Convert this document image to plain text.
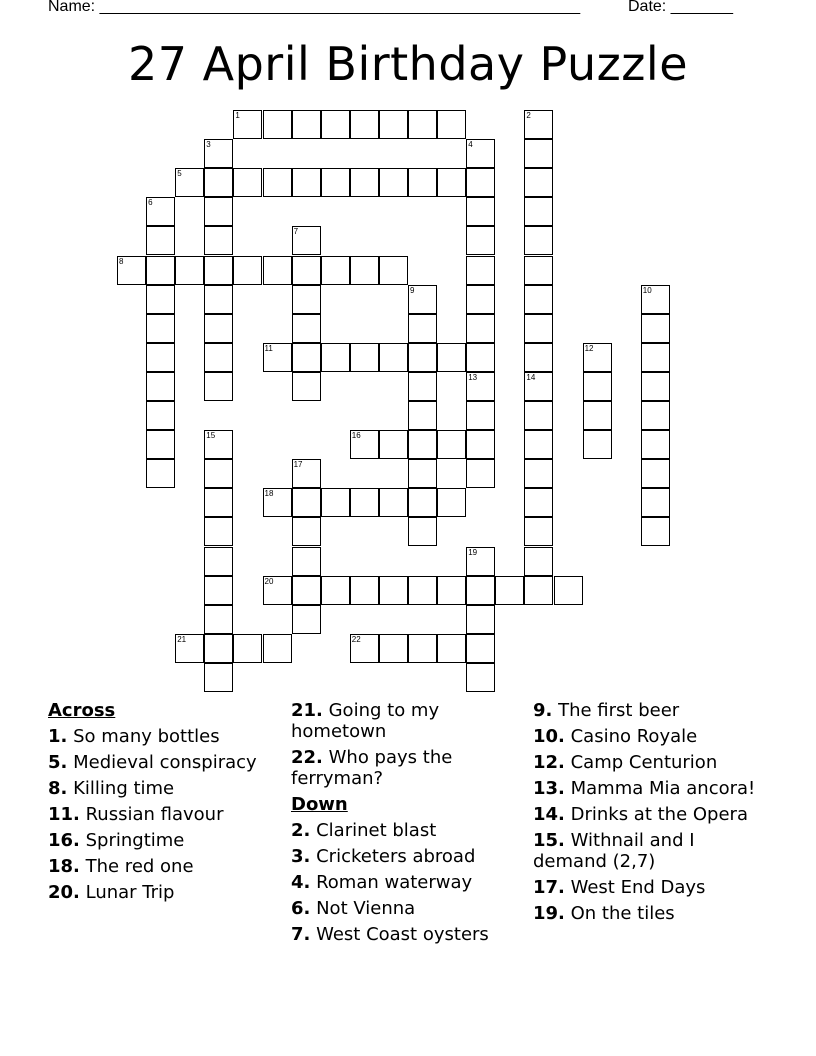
Name: ______________________________________________________	Date: _______
27 April Birthday Puzzle
1
5
8
11
16
18
20
21	22
2
3	4
6
7
9	10
12
13	14
15
17
19
Across
1. So many bottles
5. Medieval conspiracy
8. Killing time
11. Russian flavour
16. Springtime
18. The red one
20. Lunar Trip
21. Going to my hometown
22. Who pays the ferryman?
Down
2. Clarinet blast
3. Cricketers abroad
4. Roman waterway
6. Not Vienna
7. West Coast oysters
9. The first beer
10. Casino Royale
12. Camp Centurion
13. Mamma Mia ancora!
14. Drinks at the Opera
15. Withnail and I demand (2,7)
17. West End Days
19. On the tiles
